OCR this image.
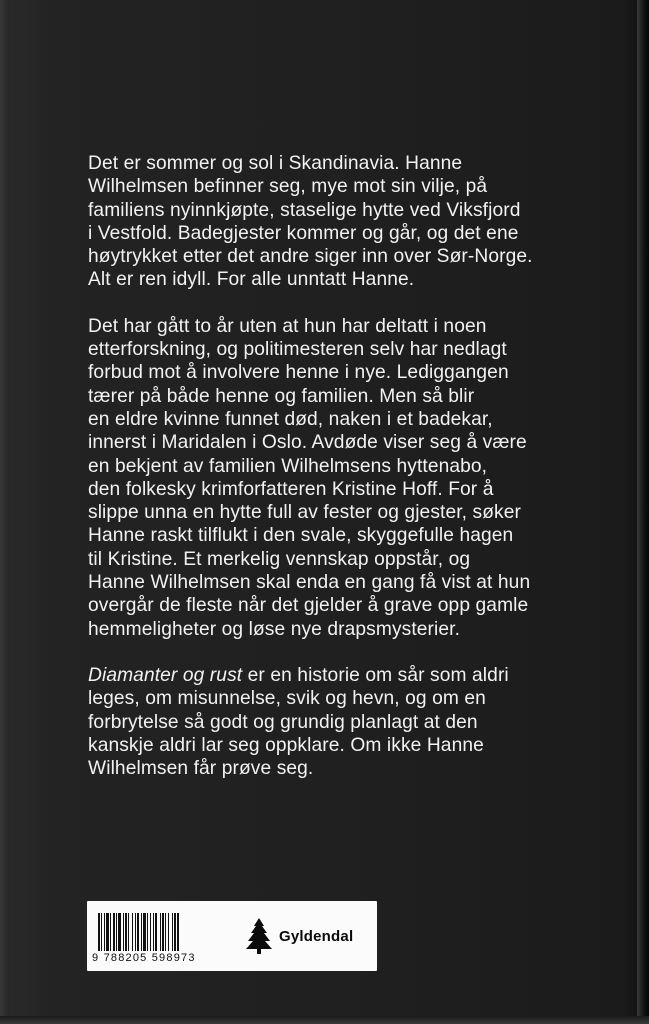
Det er sommer og sol i Skandinavia. Hanne
Wilhelmsen befinner seg, mye mot sin vilje, på
familiens nyinnkjøpte, staselige hytte ved Viksfjord
i Vestfold. Badegjester kommer og går, og det ene
høytrykket etter det andre siger inn over Sør-Norge.
Alt er ren idyll. For alle unntatt Hanne.

Det har gått to år uten at hun har deltatt i noen
etterforskning, og politimesteren selv har nedlagt
forbud mot å involvere henne i nye. Lediggangen
tærer på både henne og familien. Men så blir
en eldre kvinne funnet død, naken i et badekar,
innerst i Maridalen i Oslo. Avdøde viser seg å være
en bekjent av familien Wilhelmsens hyttenabo,
den folkesky krimforfatteren Kristine Hoff. For å
slippe unna en hytte full av fester og gjester, søker
Hanne raskt tilflukt i den svale, skyggefulle hagen
til Kristine. Et merkelig vennskap oppstår, og
Hanne Wilhelmsen skal enda en gang få vist at hun
overgår de fleste når det gjelder å grave opp gamle
hemmeligheter og løse nye drapsmysterier.

Diamanter og rust er en historie om sår som aldri
leges, om misunnelse, svik og hevn, og om en
forbrytelse så godt og grundig planlagt at den
kanskje aldri lar seg oppklare. Om ikke Hanne
Wilhelmsen får prøve seg.

9 788205 598973
Gyldendal
